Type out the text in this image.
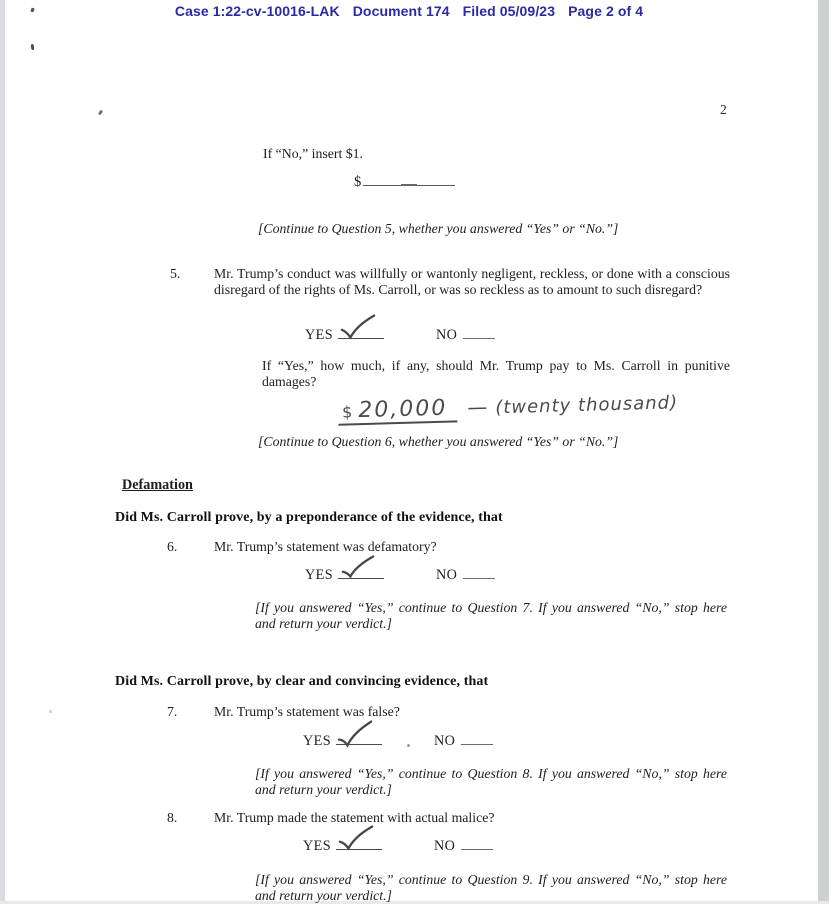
Case 1:22-cv-10016-LAK Document 174 Filed 05/09/23 Page 2 of 4
2
If “No,” insert $1.
$
[Continue to Question 5, whether you answered “Yes” or “No.”]
5. Mr. Trump’s conduct was willfully or wantonly negligent, reckless, or done with a conscious disregard of the rights of Ms. Carroll, or was so reckless as to amount to such disregard?
YES	NO
If “Yes,” how much, if any, should Mr. Trump pay to Ms. Carroll in punitive damages?
$ 20,000 — (twenty thousand)
[Continue to Question 6, whether you answered “Yes” or “No.”]
Defamation
Did Ms. Carroll prove, by a preponderance of the evidence, that
6.	Mr. Trump’s statement was defamatory?
YES	NO
[If you answered “Yes,” continue to Question 7. If you answered “No,” stop here and return your verdict.]
Did Ms. Carroll prove, by clear and convincing evidence, that
7.	Mr. Trump’s statement was false?
YES	NO
[If you answered “Yes,” continue to Question 8. If you answered “No,” stop here and return your verdict.]
8.	Mr. Trump made the statement with actual malice?
YES	NO
[If you answered “Yes,” continue to Question 9. If you answered “No,” stop here and return your verdict.]
